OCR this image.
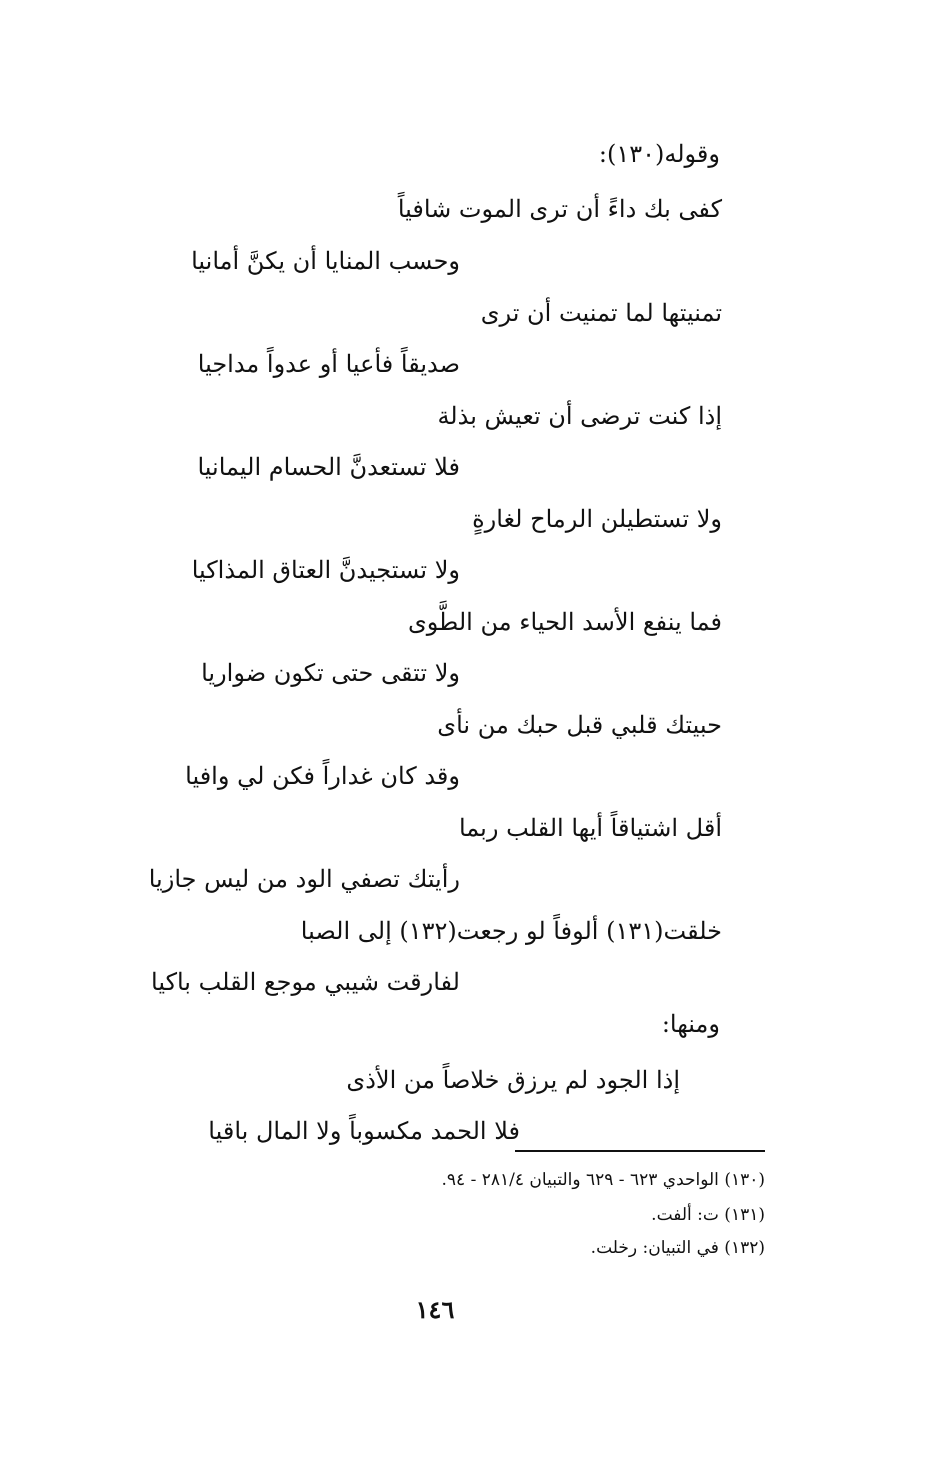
وقوله(١٣٠):
كفى بك داءً أن ترى الموت شافياً
وحسب المنايا أن يكنَّ أمانيا
تمنيتها لما تمنيت أن ترى
صديقاً فأعيا أو عدواً مداجيا
إذا كنت ترضى أن تعيش بذلة
فلا تستعدنَّ الحسام اليمانيا
ولا تستطيلن الرماح لغارةٍ
ولا تستجيدنَّ العتاق المذاكيا
فما ينفع الأسد الحياء من الطَّوى
ولا تتقى حتى تكون ضواريا
حبيتك قلبي قبل حبك من نأى
وقد كان غداراً فكن لي وافيا
أقل اشتياقاً أيها القلب ربما
رأيتك تصفي الود من ليس جازيا
خلقت(١٣١) ألوفاً لو رجعت(١٣٢) إلى الصبا
لفارقت شيبي موجع القلب باكيا
ومنها:
إذا الجود لم يرزق خلاصاً من الأذى
فلا الحمد مكسوباً ولا المال باقيا
(١٣٠) الواحدي ٦٢٣ - ٦٢٩ والتبيان ٢٨١/٤ - ٩٤.
(١٣١) ت: ألفت.
(١٣٢) في التبيان: رخلت.
١٤٦
